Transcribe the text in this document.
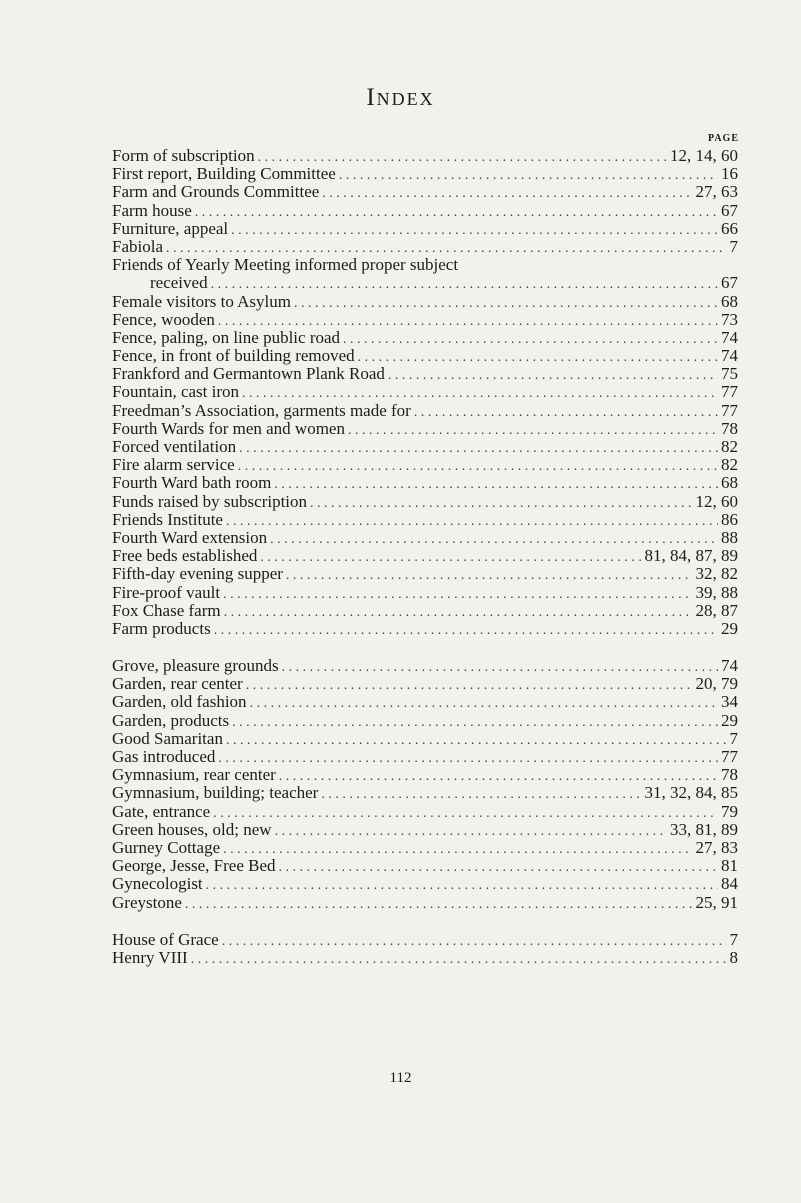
Index
PAGE
Form of subscription . . .	12, 14, 60
First report, Building Committee . . .	16
Farm and Grounds Committee . . .	27, 63
Farm house . . .	67
Furniture, appeal . . .	66
Fabiola . . .	7
Friends of Yearly Meeting informed proper subject
received . . .	67
Female visitors to Asylum . . .	68
Fence, wooden . . .	73
Fence, paling, on line public road . . .	74
Fence, in front of building removed . . .	74
Frankford and Germantown Plank Road . . .	75
Fountain, cast iron . . .	77
Freedman’s Association, garments made for . . .	77
Fourth Wards for men and women . . .	78
Forced ventilation . . .	82
Fire alarm service . . .	82
Fourth Ward bath room . . .	68
Funds raised by subscription . . .	12, 60
Friends Institute . . .	86
Fourth Ward extension . . .	88
Free beds established . . .	81, 84, 87, 89
Fifth-day evening supper . . .	32, 82
Fire-proof vault . . .	39, 88
Fox Chase farm . . .	28, 87
Farm products . . .	29
Grove, pleasure grounds . . .	74
Garden, rear center . . .	20, 79
Garden, old fashion . . .	34
Garden, products . . .	29
Good Samaritan . . .	7
Gas introduced . . .	77
Gymnasium, rear center . . .	78
Gymnasium, building; teacher . . .	31, 32, 84, 85
Gate, entrance . . .	79
Green houses, old; new . . .	33, 81, 89
Gurney Cottage . . .	27, 83
George, Jesse, Free Bed . . .	81
Gynecologist . . .	84
Greystone . . .	25, 91
House of Grace . . .	7
Henry VIII . . .	8
112
